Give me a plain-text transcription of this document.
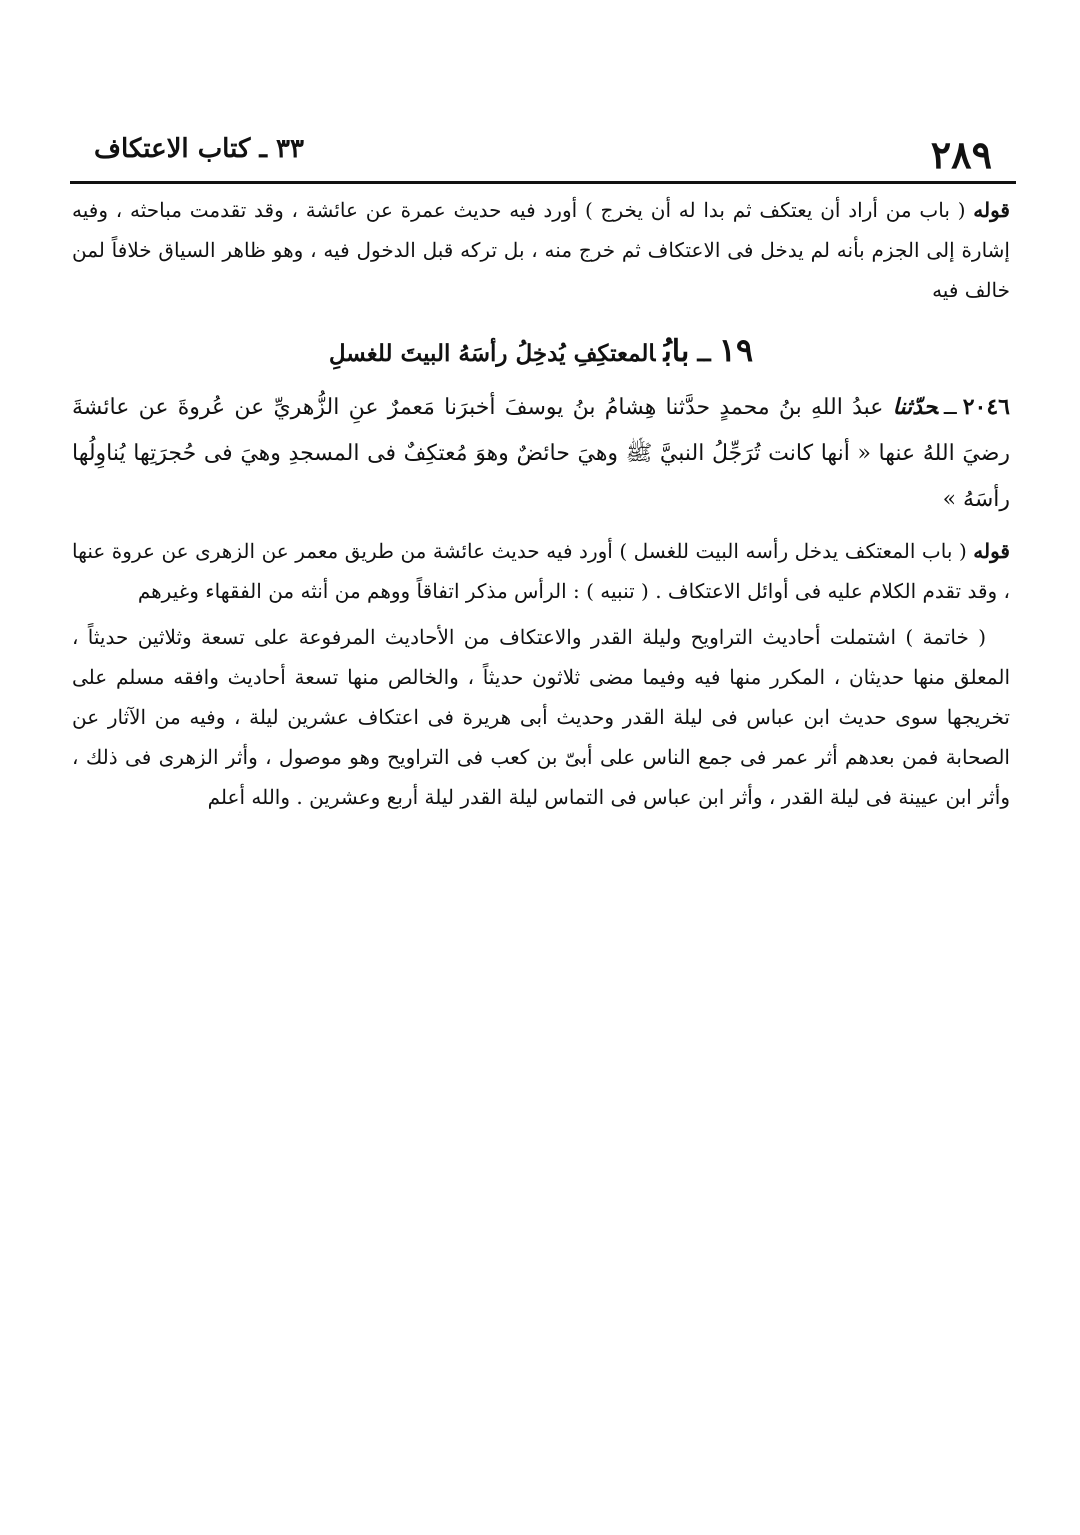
٢٨٩
٣٣ ـ كتاب الاعتكاف

قوله ( باب من أراد أن يعتكف ثم بدا له أن يخرج ) أورد فيه حديث عمرة عن عائشة ، وقد تقدمت مباحثه ، وفيه إشارة إلى الجزم بأنه لم يدخل فى الاعتكاف ثم خرج منه ، بل تركه قبل الدخول فيه ، وهو ظاهر السياق خلافاً لمن خالف فيه

١٩ــ بابُالمعتكِفِ يُدخِلُ رأسَهُ البيتَ للغسلِ

٢٠٤٦ــحدّثنا عبدُ اللهِ بنُ محمدٍ حدَّثنا هِشامُ بنُ يوسفَ أخبرَنا مَعمرٌ عنِ الزُّهريِّ عن عُروةَ عن عائشةَ رضيَ اللهُ عنها « أنها كانت تُرَجِّلُ النبيَّ ﷺ وهيَ حائضٌ وهوَ مُعتكِفٌ فى المسجدِ وهيَ فى حُجرَتِها يُناوِلُها رأسَهُ »

قوله ( باب المعتكف يدخل رأسه البيت للغسل ) أورد فيه حديث عائشة من طريق معمر عن الزهرى عن عروة عنها ، وقد تقدم الكلام عليه فى أوائل الاعتكاف . ( تنبيه ) : الرأس مذكر اتفاقاً ووهم من أنثه من الفقهاء وغيرهم

( خاتمة ) اشتملت أحاديث التراويح وليلة القدر والاعتكاف من الأحاديث المرفوعة على تسعة وثلاثين حديثاً ، المعلق منها حديثان ، المكرر منها فيه وفيما مضى ثلاثون حديثاً ، والخالص منها تسعة أحاديث وافقه مسلم على تخريجها سوى حديث ابن عباس فى ليلة القدر وحديث أبى هريرة فى اعتكاف عشرين ليلة ، وفيه من الآثار عن الصحابة فمن بعدهم أثر عمر فى جمع الناس على أبىّ بن كعب فى التراويح وهو موصول ، وأثر الزهرى فى ذلك ، وأثر ابن عيينة فى ليلة القدر ، وأثر ابن عباس فى التماس ليلة القدر ليلة أربع وعشرين . والله أعلم
